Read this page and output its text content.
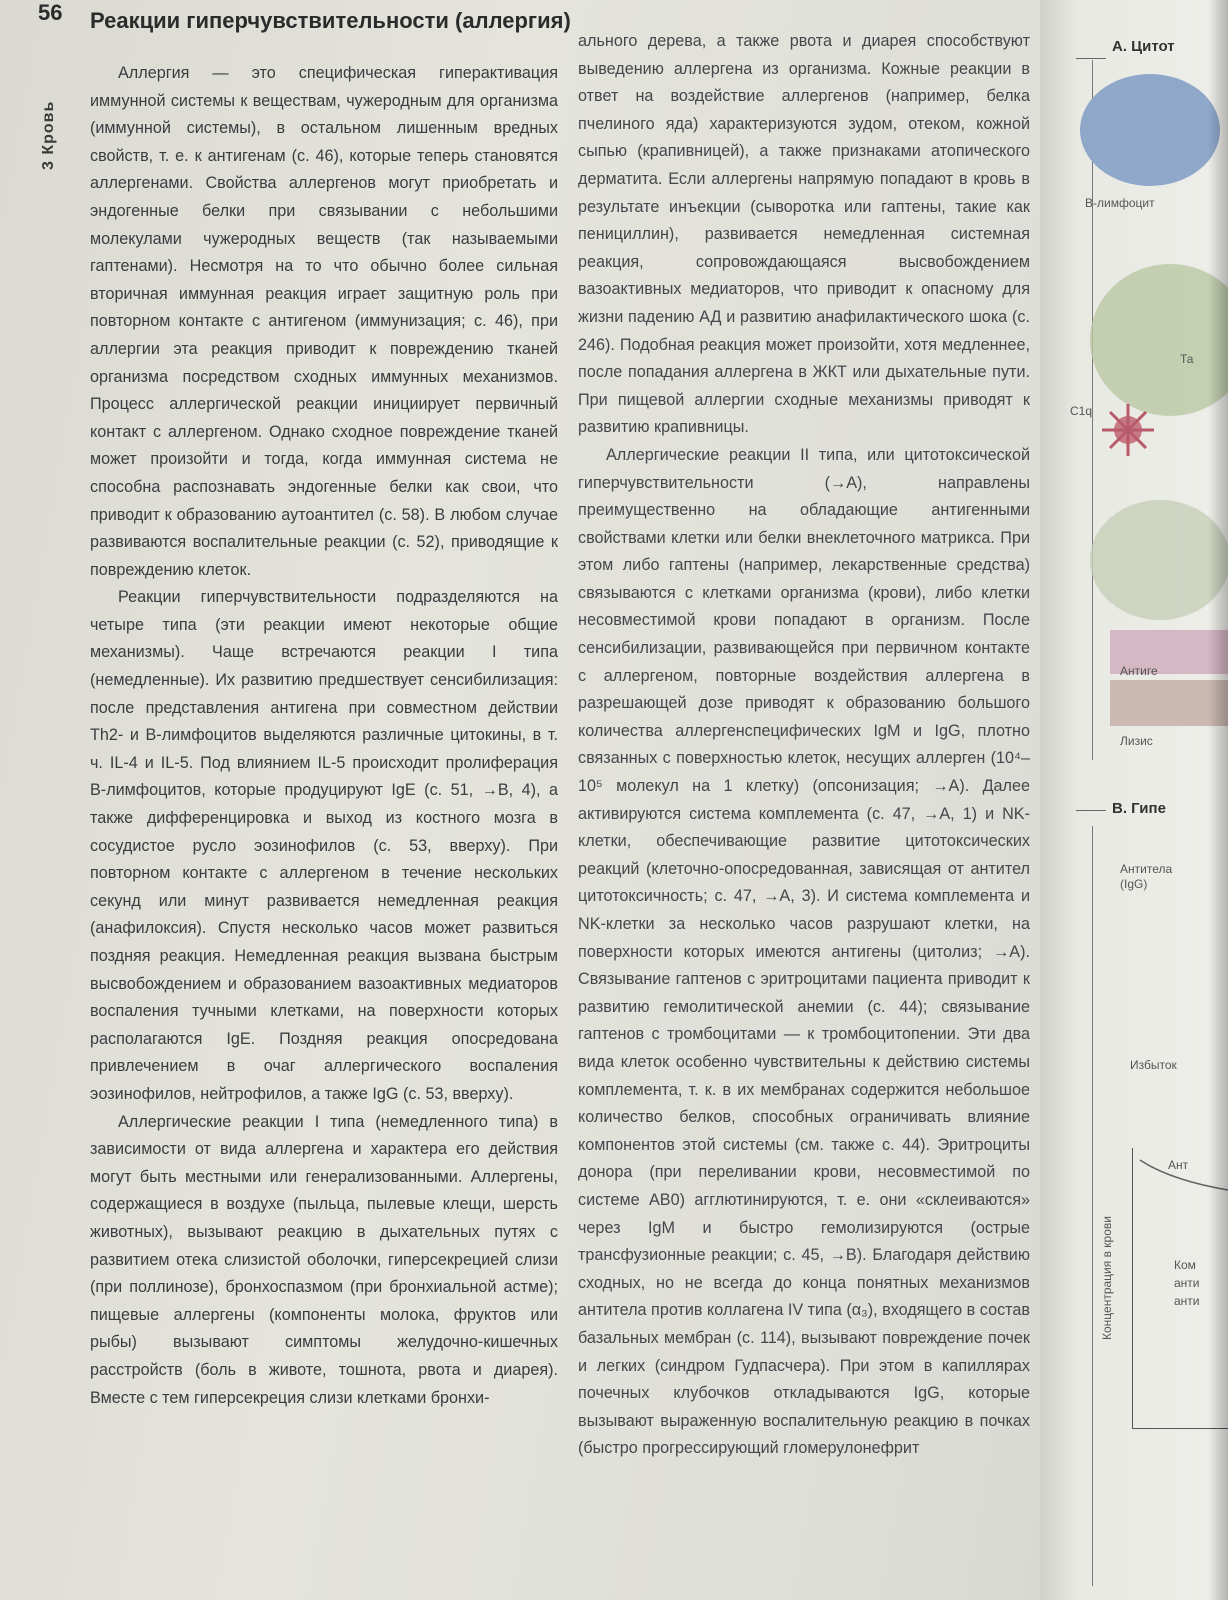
56
3 Кровь
Реакции гиперчувствительности (аллергия)

Аллергия — это специфическая гиперактивация иммунной системы к веществам, чужеродным для организма (иммунной системы), в остальном лишенным вредных свойств, т. е. к антигенам (с. 46), которые теперь становятся аллергенами. Свойства аллергенов могут приобретать и эндогенные белки при связывании с небольшими молекулами чужеродных веществ (так называемыми гаптенами). Несмотря на то что обычно более сильная вторичная иммунная реакция играет защитную роль при повторном контакте с антигеном (иммунизация; с. 46), при аллергии эта реакция приводит к повреждению тканей организма посредством сходных иммунных механизмов. Процесс аллергической реакции инициирует первичный контакт с аллергеном. Однако сходное повреждение тканей может произойти и тогда, когда иммунная система не способна распознавать эндогенные белки как свои, что приводит к образованию аутоантител (с. 58). В любом случае развиваются воспалительные реакции (с. 52), приводящие к повреждению клеток.

Реакции гиперчувствительности подразделяются на четыре типа (эти реакции имеют некоторые общие механизмы). Чаще встречаются реакции I типа (немедленные). Их развитию предшествует сенсибилизация: после представления антигена при совместном действии Th2- и B-лимфоцитов выделяются различные цитокины, в т. ч. IL-4 и IL-5. Под влиянием IL-5 происходит пролиферация B-лимфоцитов, которые продуцируют IgE (с. 51, →B, 4), а также дифференцировка и выход из костного мозга в сосудистое русло эозинофилов (с. 53, вверху). При повторном контакте с аллергеном в течение нескольких секунд или минут развивается немедленная реакция (анафилоксия). Спустя несколько часов может развиться поздняя реакция. Немедленная реакция вызвана быстрым высвобождением и образованием вазоактивных медиаторов воспаления тучными клетками, на поверхности которых располагаются IgE. Поздняя реакция опосредована привлечением в очаг аллергического воспаления эозинофилов, нейтрофилов, а также IgG (с. 53, вверху).

Аллергические реакции I типа (немедленного типа) в зависимости от вида аллергена и характера его действия могут быть местными или генерализованными. Аллергены, содержащиеся в воздухе (пыльца, пылевые клещи, шерсть животных), вызывают реакцию в дыхательных путях с развитием отека слизистой оболочки, гиперсекрецией слизи (при поллинозе), бронхоспазмом (при бронхиальной астме); пищевые аллергены (компоненты молока, фруктов или рыбы) вызывают симптомы желудочно-кишечных расстройств (боль в животе, тошнота, рвота и диарея). Вместе с тем гиперсекреция слизи клетками бронхи-

ального дерева, а также рвота и диарея способствуют выведению аллергена из организма. Кожные реакции в ответ на воздействие аллергенов (например, белка пчелиного яда) характеризуются зудом, отеком, кожной сыпью (крапивницей), а также признаками атопического дерматита. Если аллергены напрямую попадают в кровь в результате инъекции (сыворотка или гаптены, такие как пенициллин), развивается немедленная системная реакция, сопровождающаяся высвобождением вазоактивных медиаторов, что приводит к опасному для жизни падению АД и развитию анафилактического шока (с. 246). Подобная реакция может произойти, хотя медленнее, после попадания аллергена в ЖКТ или дыхательные пути. При пищевой аллергии сходные механизмы приводят к развитию крапивницы.

Аллергические реакции II типа, или цитотоксической гиперчувствительности (→A), направлены преимущественно на обладающие антигенными свойствами клетки или белки внеклеточного матрикса. При этом либо гаптены (например, лекарственные средства) связываются с клетками организма (крови), либо клетки несовместимой крови попадают в организм. После сенсибилизации, развивающейся при первичном контакте с аллергеном, повторные воздействия аллергена в разрешающей дозе приводят к образованию большого количества аллергенспецифических IgM и IgG, плотно связанных с поверхностью клеток, несущих аллерген (10⁴–10⁵ молекул на 1 клетку) (опсонизация; →A). Далее активируются система комплемента (с. 47, →A, 1) и NK-клетки, обеспечивающие развитие цитотоксических реакций (клеточно-опосредованная, зависящая от антител цитотоксичность; с. 47, →A, 3). И система комплемента и NK-клетки за несколько часов разрушают клетки, на поверхности которых имеются антигены (цитолиз; →A). Связывание гаптенов с эритроцитами пациента приводит к развитию гемолитической анемии (с. 44); связывание гаптенов с тромбоцитами — к тромбоцитопении. Эти два вида клеток особенно чувствительны к действию системы комплемента, т. к. в их мембранах содержится небольшое количество белков, способных ограничивать влияние компонентов этой системы (см. также с. 44). Эритроциты донора (при переливании крови, несовместимой по системе AB0) агглютинируются, т. е. они «склеиваются» через IgM и быстро гемолизируются (острые трансфузионные реакции; с. 45, →B). Благодаря действию сходных, но не всегда до конца понятных механизмов антитела против коллагена IV типа (α₃), входящего в состав базальных мембран (с. 114), вызывают повреждение почек и легких (синдром Гудпасчера). При этом в капиллярах почечных клубочков откладываются IgG, которые вызывают выраженную воспалительную реакцию в почках (быстро прогрессирующий гломерулонефрит

А. Цитот
B-лимфоцит
Та
C1q
Антиге
Лизис
В. Гипе
Антитела (IgG)
Избыток
Концентрация в крови
Ант
Ком
анти
анти
